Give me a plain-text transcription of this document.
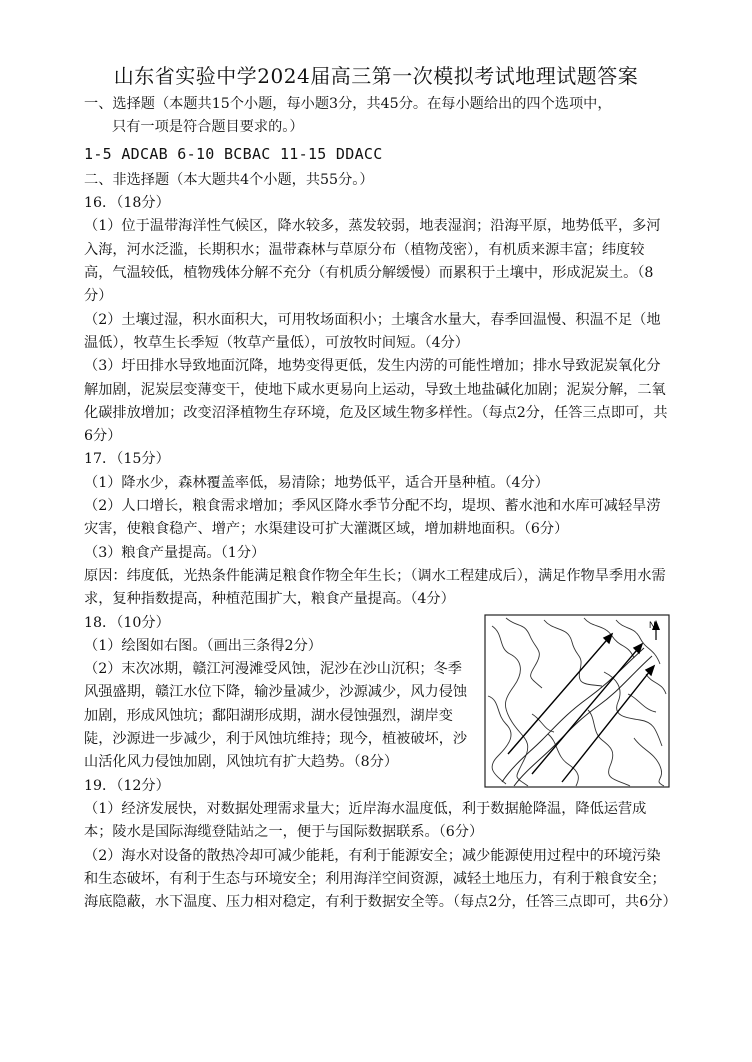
山东省实验中学2024届高三第一次模拟考试地理试题答案

一、选择题（本题共15个小题，每小题3分，共45分。在每小题给出的四个选项中，

只有一项是符合题目要求的。）

1-5 ADCAB 6-10 BCBAC 11-15 DDACC

二、非选择题（本大题共4个小题，共55分。）

16．（18分）

（1）位于温带海洋性气候区，降水较多，蒸发较弱，地表湿润；沿海平原，地势低平，多河入海，河水泛滥，长期积水；温带森林与草原分布（植物茂密），有机质来源丰富；纬度较高，气温较低，植物残体分解不充分（有机质分解缓慢）而累积于土壤中，形成泥炭土。（8分）

（2）土壤过湿，积水面积大，可用牧场面积小；土壤含水量大，春季回温慢、积温不足（地温低），牧草生长季短（牧草产量低），可放牧时间短。（4分）

（3）圩田排水导致地面沉降，地势变得更低，发生内涝的可能性增加；排水导致泥炭氧化分解加剧，泥炭层变薄变干，使地下咸水更易向上运动，导致土地盐碱化加剧；泥炭分解，二氧化碳排放增加；改变沼泽植物生存环境，危及区域生物多样性。（每点2分，任答三点即可，共6分）

17．（15分）

（1）降水少，森林覆盖率低，易清除；地势低平，适合开垦种植。（4分）

（2）人口增长，粮食需求增加；季风区降水季节分配不均，堤坝、蓄水池和水库可减轻旱涝灾害，使粮食稳产、增产；水渠建设可扩大灌溉区域，增加耕地面积。（6分）

（3）粮食产量提高。（1分）

原因：纬度低，光热条件能满足粮食作物全年生长；（调水工程建成后），满足作物旱季用水需求，复种指数提高，种植范围扩大，粮食产量提高。（4分）

18．（10分）

（1）绘图如右图。（画出三条得2分）

（2）末次冰期，赣江河漫滩受风蚀，泥沙在沙山沉积；冬季风强盛期，赣江水位下降，输沙量减少，沙源减少，风力侵蚀加剧，形成风蚀坑；鄱阳湖形成期，湖水侵蚀强烈，湖岸变陡，沙源进一步减少，利于风蚀坑维持；现今，植被破坏，沙山活化风力侵蚀加剧，风蚀坑有扩大趋势。（8分）

N

19．（12分）

（1）经济发展快，对数据处理需求量大；近岸海水温度低，利于数据舱降温，降低运营成本；陵水是国际海缆登陆站之一，便于与国际数据联系。（6分）

（2）海水对设备的散热冷却可减少能耗，有利于能源安全；减少能源使用过程中的环境污染和生态破坏，有利于生态与环境安全；利用海洋空间资源，减轻土地压力，有利于粮食安全；海底隐蔽，水下温度、压力相对稳定，有利于数据安全等。（每点2分，任答三点即可，共6分）
